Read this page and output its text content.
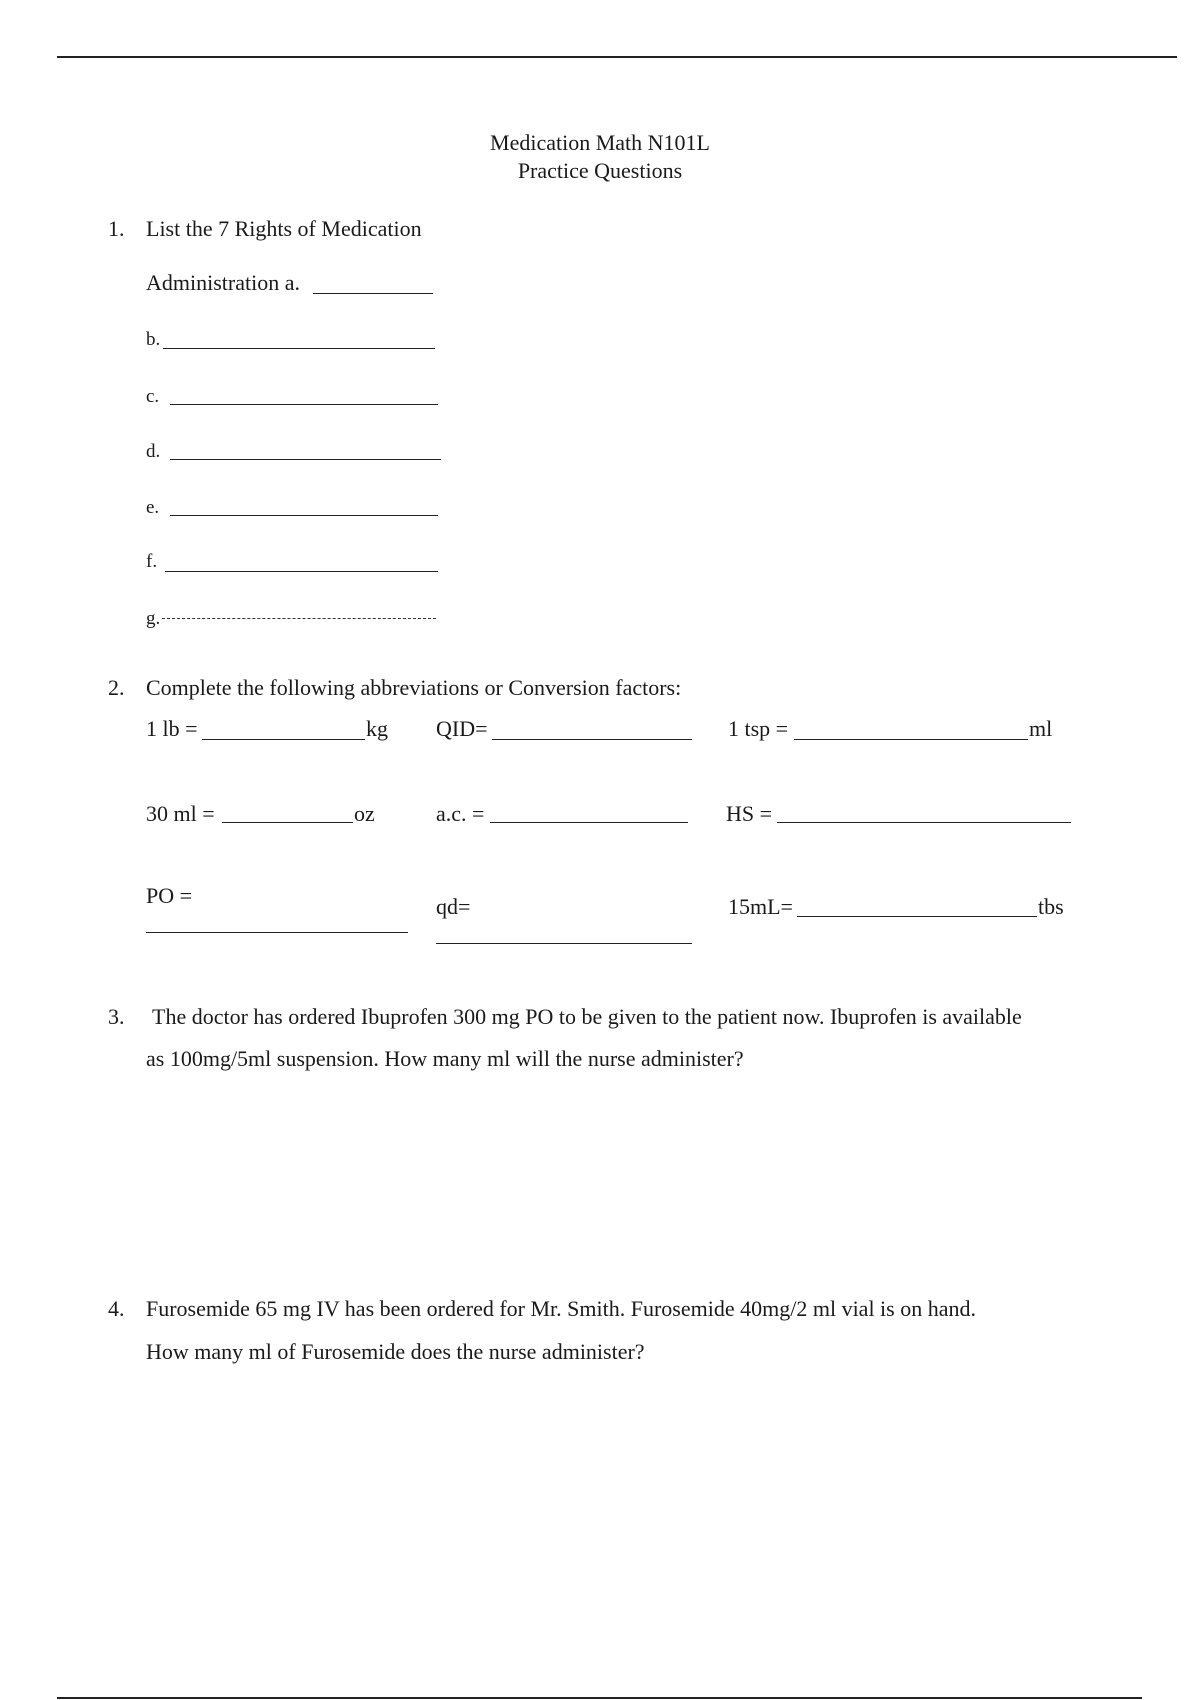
Medication Math N101L
Practice Questions
1. List the 7 Rights of Medication
Administration a.
b.
c.
d.
e.
f.
g.
2. Complete the following abbreviations or Conversion factors:
1 lb =	kg QID=	1 tsp =	ml
30 ml =	oz	a.c. =	HS =
PO =	qd=	15mL=	tbs
3. The doctor has ordered Ibuprofen 300 mg PO to be given to the patient now. Ibuprofen is available
as 100mg/5ml suspension. How many ml will the nurse administer?
4. Furosemide 65 mg IV has been ordered for Mr. Smith. Furosemide 40mg/2 ml vial is on hand.
How many ml of Furosemide does the nurse administer?
